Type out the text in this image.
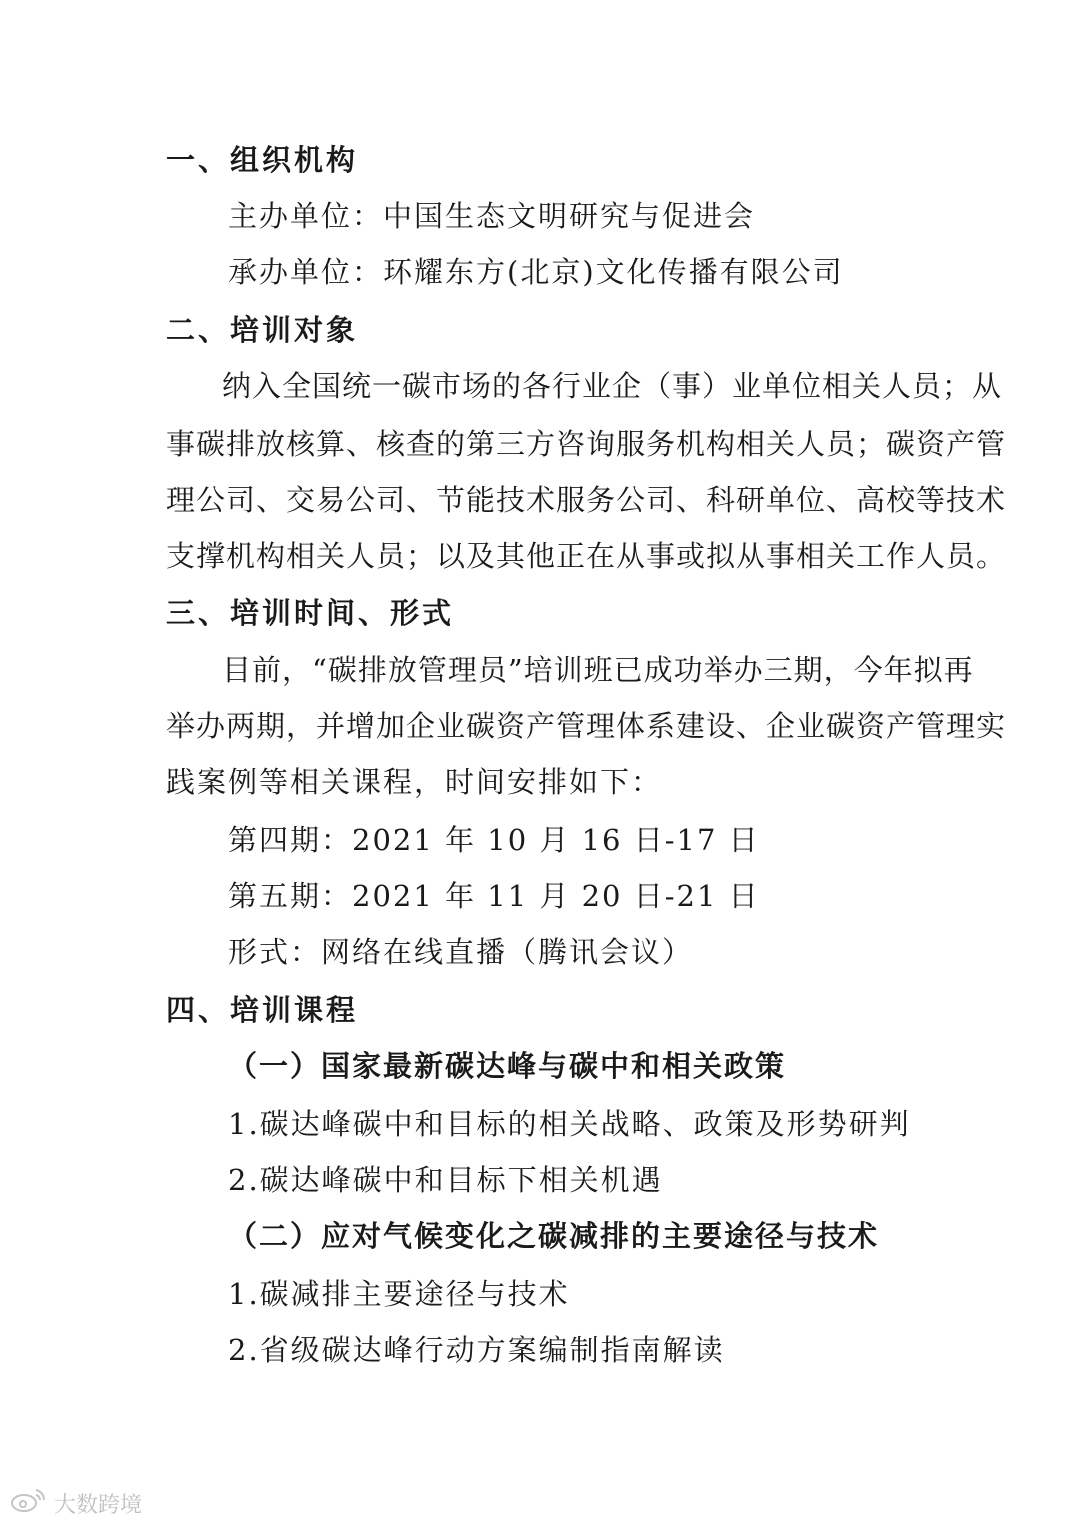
一、组织机构
主办单位：中国生态文明研究与促进会
承办单位：环耀东方(北京)文化传播有限公司
二、培训对象
纳入全国统一碳市场的各行业企（事）业单位相关人员；从
事碳排放核算、核查的第三方咨询服务机构相关人员；碳资产管
理公司、交易公司、节能技术服务公司、科研单位、高校等技术
支撑机构相关人员；以及其他正在从事或拟从事相关工作人员。
三、培训时间、形式
目前，“碳排放管理员”培训班已成功举办三期，今年拟再
举办两期，并增加企业碳资产管理体系建设、企业碳资产管理实
践案例等相关课程，时间安排如下：
第四期：2021 年 10 月 16 日-17 日
第五期：2021 年 11 月 20 日-21 日
形式：网络在线直播（腾讯会议）
四、培训课程
（一）国家最新碳达峰与碳中和相关政策
1.碳达峰碳中和目标的相关战略、政策及形势研判
2.碳达峰碳中和目标下相关机遇
（二）应对气候变化之碳减排的主要途径与技术
1.碳减排主要途径与技术
2.省级碳达峰行动方案编制指南解读
大数跨境
